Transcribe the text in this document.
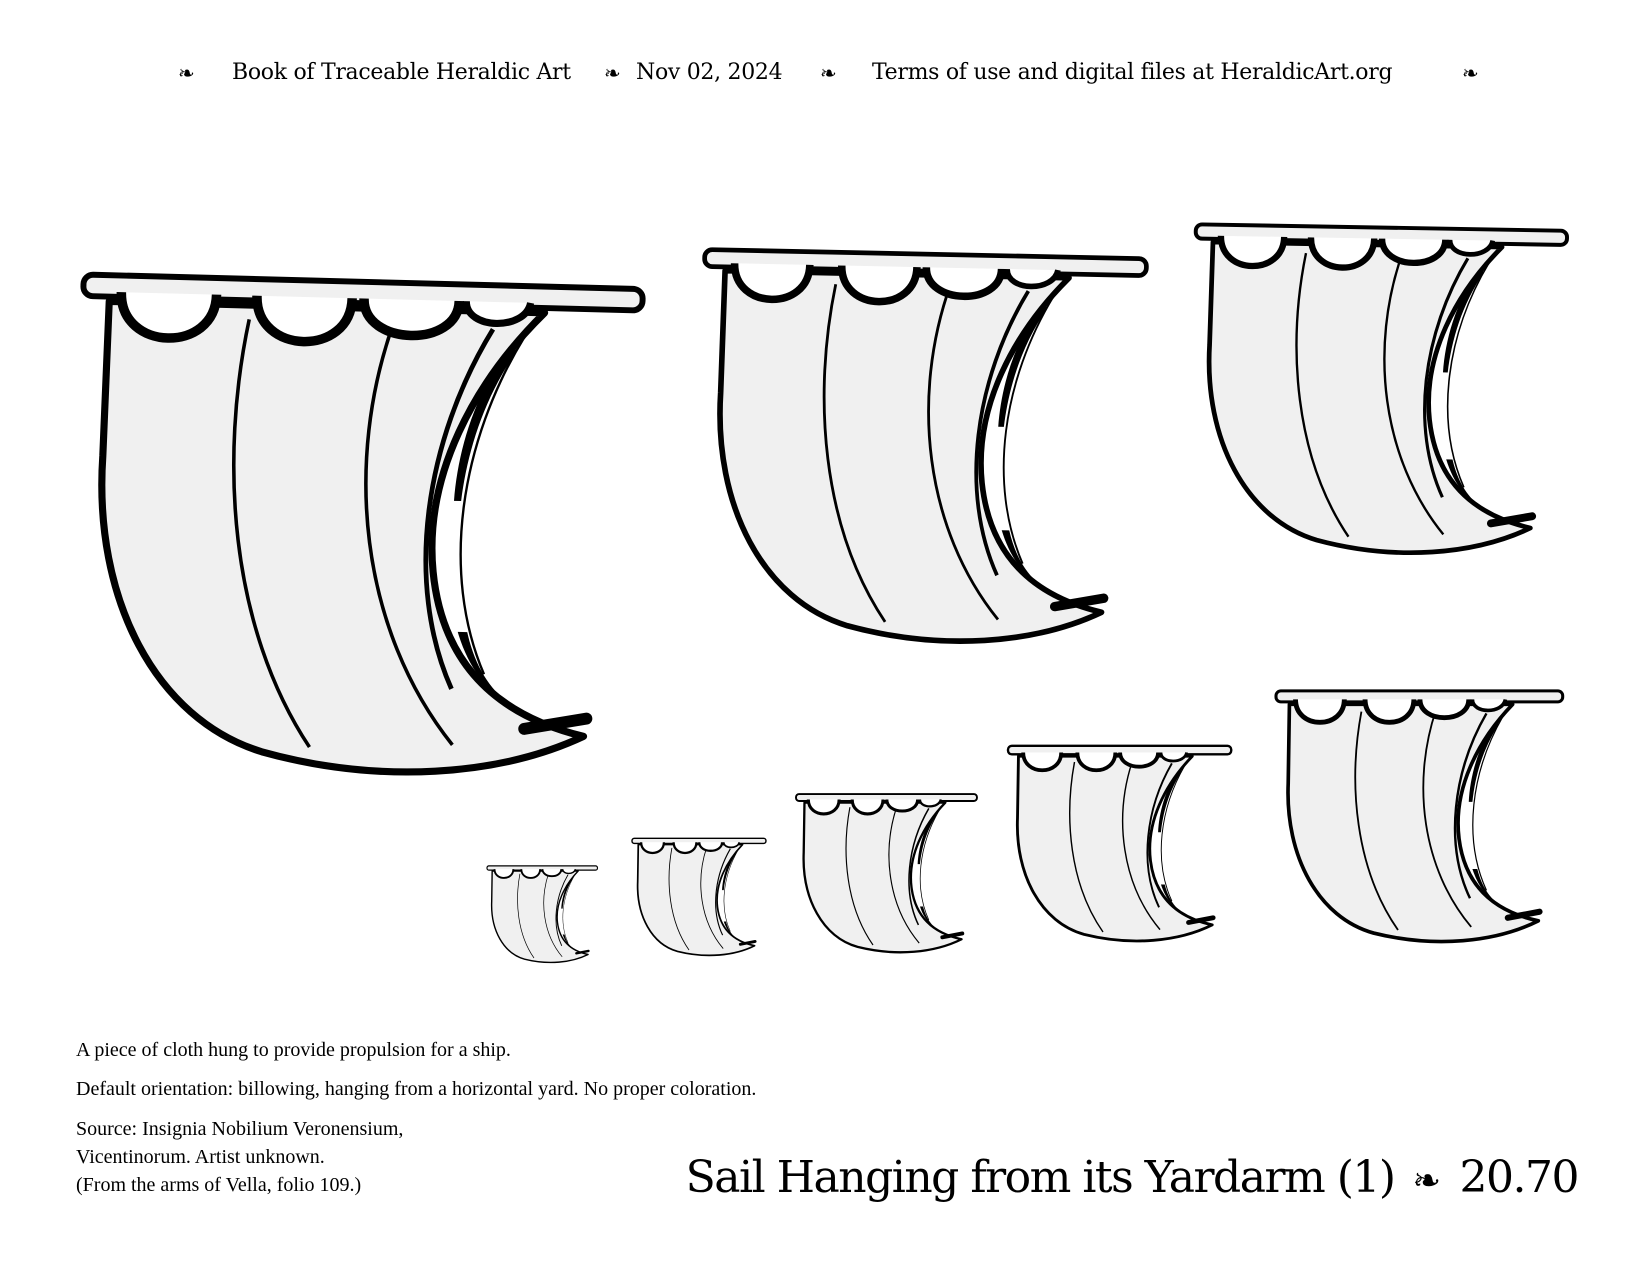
❧ Book of Traceable Heraldic Art ❧ Nov 02, 2024 ❧ Terms of use and digital files at HeraldicArt.org	❧
A piece of cloth hung to provide propulsion for a ship.
Default orientation: billowing, hanging from a horizontal yard. No proper coloration.
Source: Insignia Nobilium Veronensium,
Vicentinorum. Artist unknown.
(From the arms of Vella, folio 109.)	Sail Hanging from its Yardarm (1) ❧ 20.70
